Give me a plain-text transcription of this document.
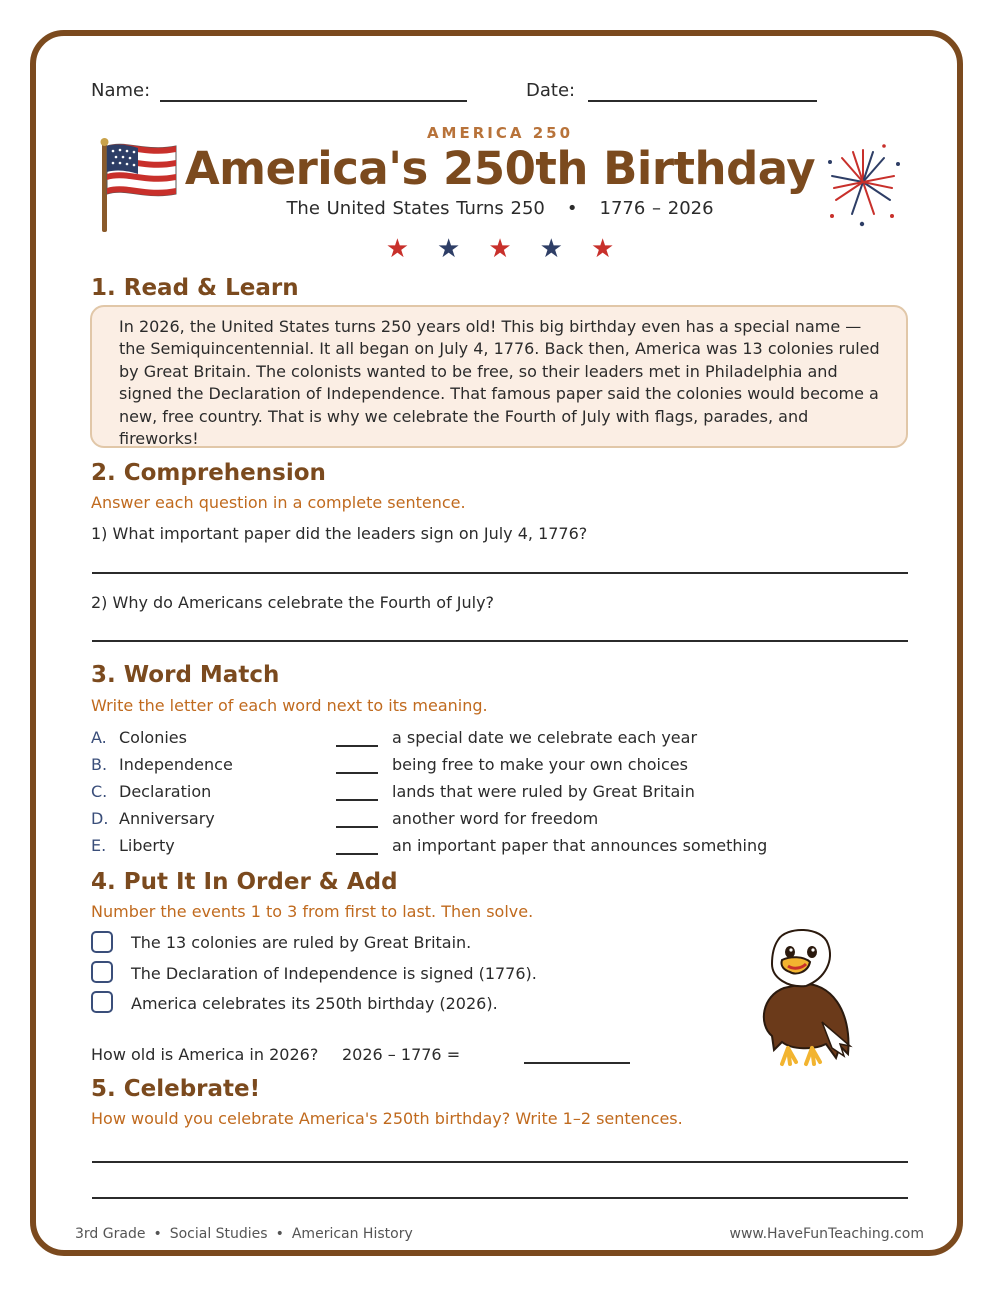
Name:	Date:
AMERICA 250
America's 250th Birthday
The United States Turns 250 • 1776 – 2026
★ ★ ★ ★ ★
1. Read & Learn
In 2026, the United States turns 250 years old! This big birthday even has a special name — the Semiquincentennial. It all began on July 4, 1776. Back then, America was 13 colonies ruled by Great Britain. The colonists wanted to be free, so their leaders met in Philadelphia and signed the Declaration of Independence. That famous paper said the colonies would become a new, free country. That is why we celebrate the Fourth of July with flags, parades, and fireworks!
2. Comprehension
Answer each question in a complete sentence.
1) What important paper did the leaders sign on July 4, 1776?
2) Why do Americans celebrate the Fourth of July?
3. Word Match
Write the letter of each word next to its meaning.
A. Colonies	a special date we celebrate each year
B. Independence	being free to make your own choices
C. Declaration	lands that were ruled by Great Britain
D. Anniversary	another word for freedom
E. Liberty	an important paper that announces something
4. Put It In Order & Add
Number the events 1 to 3 from first to last. Then solve.
The 13 colonies are ruled by Great Britain.
The Declaration of Independence is signed (1776).
America celebrates its 250th birthday (2026).
How old is America in 2026? 2026 – 1776 =
5. Celebrate!
How would you celebrate America's 250th birthday? Write 1–2 sentences.
3rd Grade • Social Studies • American History	www.HaveFunTeaching.com
